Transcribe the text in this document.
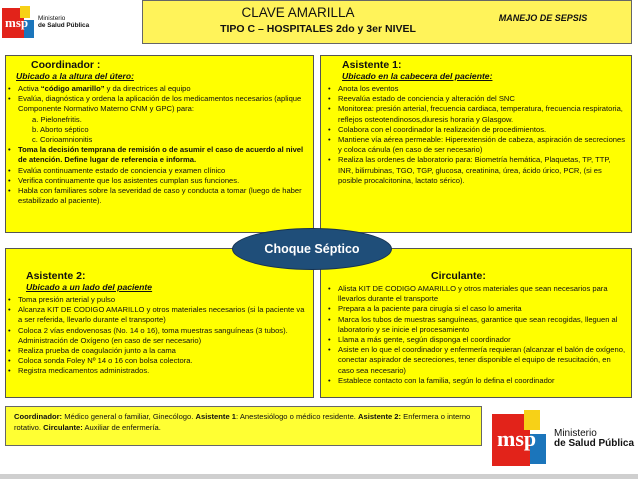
msp Ministerio
de Salud Pública
CLAVE AMARILLA
TIPO C – HOSPITALES 2do y 3er NIVEL
MANEJO DE SEPSIS
Coordinador :
Ubicado a la altura del útero:
• Activa “código amarillo” y da directrices al equipo
• Evalúa, diagnóstica y ordena la aplicación de los medicamentos necesarios (aplique Componente Normativo Materno CNM y GPC) para:
a. Pielonefritis.
b. Aborto séptico
c. Corioamnionitis
• Toma la decisión temprana de remisión o de asumir el caso de acuerdo al nivel de atención. Define lugar de referencia e informa.
• Evalúa continuamente estado de conciencia y examen clínico
• Verifica continuamente que los asistentes cumplan sus funciones.
• Habla con familiares sobre la severidad de caso y conducta a tomar (luego de haber estabilizado al paciente).
Asistente 1:
Ubicado en la cabecera del paciente:
• Anota los eventos
• Reevalúa estado de conciencia y alteración del SNC
• Monitorea: presión arterial, frecuencia cardiaca, temperatura, frecuencia respiratoria, reflejos osteotendinosos,diuresis horaria y Glasgow.
• Colabora con el coordinador la realización de procedimientos.
• Mantiene vía aérea permeable: Hiperextensión de cabeza, aspiración de secreciones y coloca cánula (en caso de ser necesario)
• Realiza las ordenes de laboratorio para: Biometría hemática, Plaquetas, TP, TTP, INR, bilirrubinas, TGO, TGP, glucosa, creatinina, úrea, ácido úrico, PCR, (si es posible procalcitonina, lactato sérico).
Asistente 2:
Ubicado a un lado del paciente
• Toma presión arterial y pulso
• Alcanza KIT DE CODIGO AMARILLO y otros materiales necesarios (si la paciente va a ser referida, llevarlo durante el transporte)
• Coloca 2 vías endovenosas (No. 14 o 16), toma muestras sanguíneas (3 tubos). Administración de Oxígeno (en caso de ser necesario)
• Realiza prueba de coagulación junto a la cama
• Coloca sonda Foley Nº 14 o 16 con bolsa colectora.
• Registra medicamentos administrados.
Circulante:
• Alista KIT DE CODIGO AMARILLO y otros materiales que sean necesarios para llevarlos durante el transporte
• Prepara a la paciente para cirugía si el caso lo amerita
• Marca los tubos de muestras sanguíneas, garantice que sean recogidas, lleguen al laboratorio y se inicie el procesamiento
• Llama a más gente, según disponga el coordinador
• Asiste en lo que el coordinador y enfermería requieran (alcanzar el balón de oxígeno, conectar aspirador de secreciones, tener disponible el equipo de resucitación, en caso sea necesario)
• Establece contacto con la familia, según lo defina el coordinador
Choque Séptico
Coordinador: Médico general o familiar, Ginecólogo. Asistente 1: Anestesiólogo o médico residente. Asistente 2: Enfermera o interno rotativo. Circulante: Auxiliar de enfermería.	msp Ministerio
de Salud Pública
